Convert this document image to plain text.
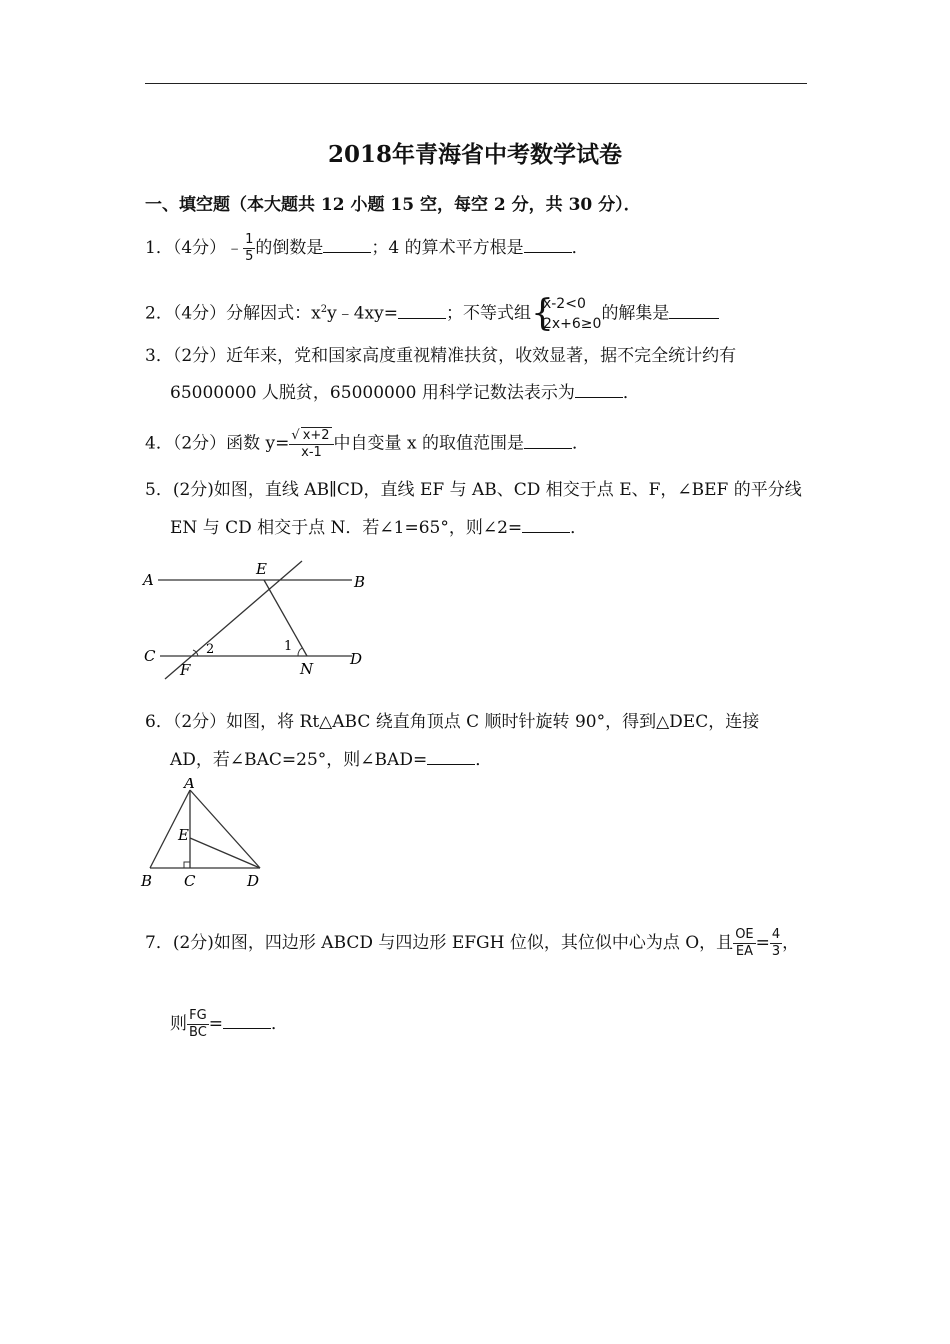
2018年青海省中考数学试卷
一、填空题（本大题共 12 小题 15 空，每空 2 分，共 30 分）．
1．（4分）﹣ $\frac{1}{5}$ 的倒数是	；4 的算术平方根是	．
2．（4分）分解因式：$x^2y﹣4xy=$	；不等式组 {
x-2<0
2x+6≥0
的解集是
3．（2分）近年来，党和国家高度重视精准扶贫，收效显著，据不完全统计约有
65000000 人脱贫，65000000 用科学记数法表示为	．
4．（2分）函数 $y= \frac{√ x+2}{x-1}$ 中自变量 x 的取值范围是	．
5．(2分)如图，直线 AB∥CD，直线 EF 与 AB、CD 相交于点 E、F，∠BEF 的平分线
EN 与 CD 相交于点 N．若∠1=65°，则∠2=	．
A	B
C	D
E
F	N
1
2
6．（2分）如图，将 Rt△ABC 绕直角顶点 C 顺时针旋转 90°，得到△DEC，连接
AD，若∠BAC=25°，则∠BAD=	．
A
B C	D
E
7．(2分)如图，四边形 ABCD 与四边形 EFGH 位似，其位似中心为点 O，且 $\frac{OE}{EA} = \frac{4}{3}$ ，
则 $\frac{FG}{BC}$ =	．
